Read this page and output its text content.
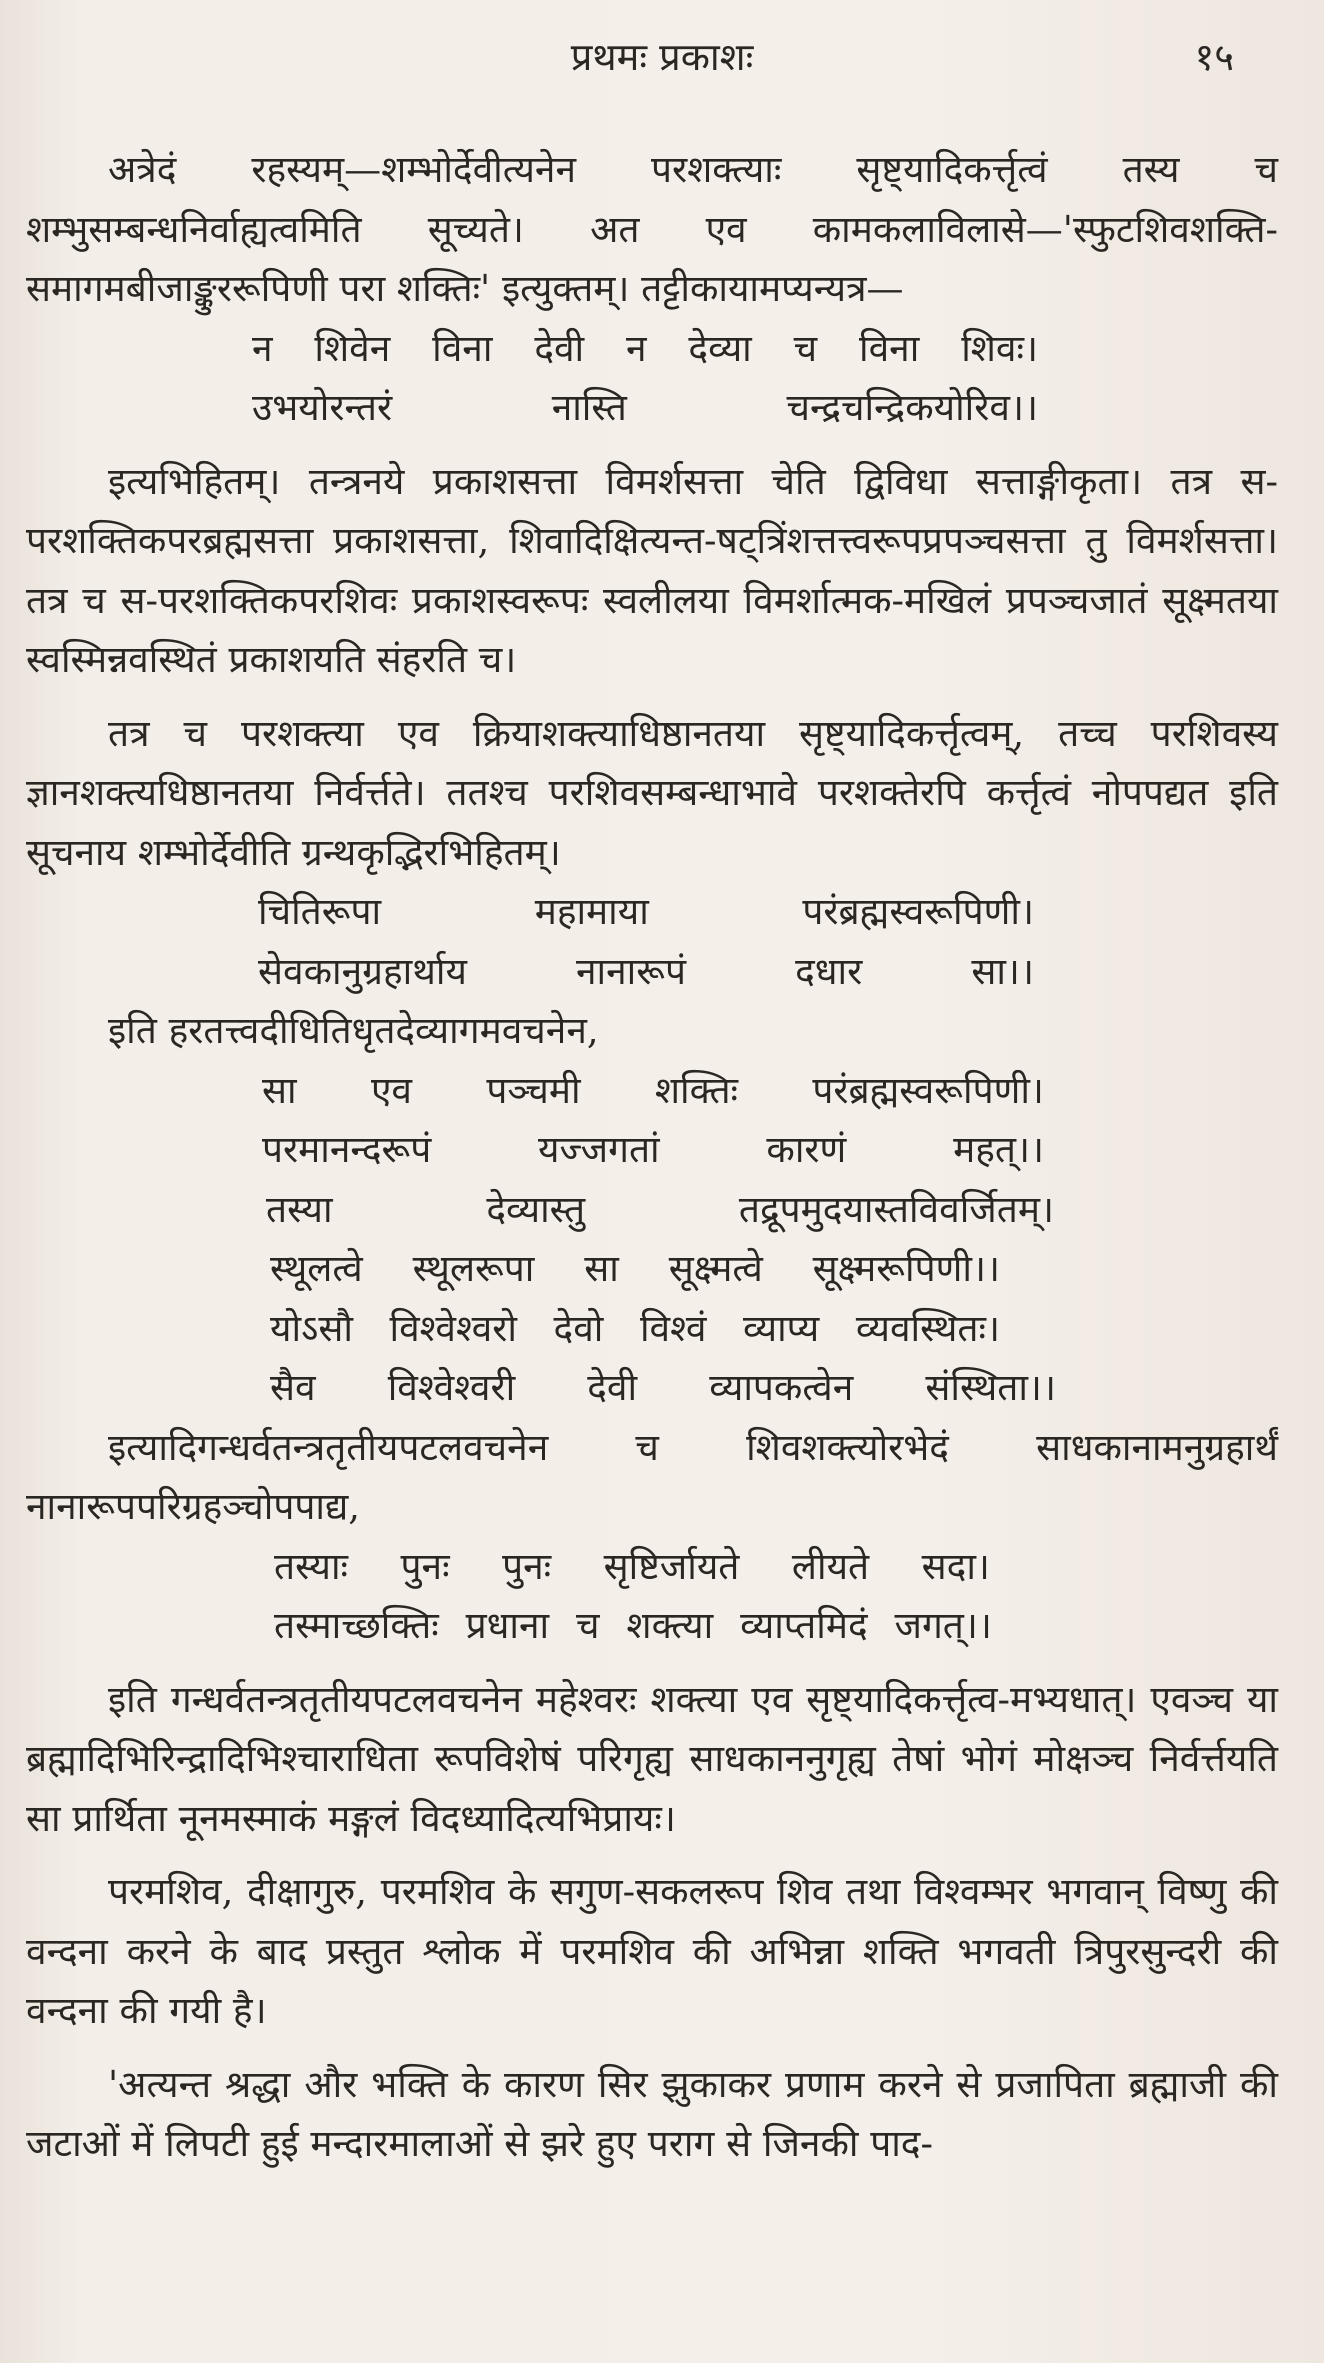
प्रथमः प्रकाशः	१५

अत्रेदं रहस्यम्—शम्भोर्देवीत्यनेन परशक्त्याः सृष्ट्यादिकर्त्तृत्वं तस्य च शम्भुसम्बन्धनिर्वाह्यत्वमिति सूच्यते। अत एव कामकलाविलासे—'स्फुटशिवशक्ति-समागमबीजाङ्कुररूपिणी परा शक्तिः' इत्युक्तम्। तट्टीकायामप्यन्यत्र—

न शिवेन विना देवी न देव्या च विना शिवः।
उभयोरन्तरं	नास्ति	चन्द्रचन्द्रिकयोरिव।।

इत्यभिहितम्। तन्त्रनये प्रकाशसत्ता विमर्शसत्ता चेति द्विविधा सत्ताङ्गीकृता। तत्र स-परशक्तिकपरब्रह्मसत्ता प्रकाशसत्ता, शिवादिक्षित्यन्त-षट्त्रिंशत्तत्त्वरूपप्रपञ्चसत्ता तु विमर्शसत्ता। तत्र च स-परशक्तिकपरशिवः प्रकाशस्वरूपः स्वलीलया विमर्शात्मक-मखिलं प्रपञ्चजातं सूक्ष्मतया स्वस्मिन्नवस्थितं प्रकाशयति संहरति च।

तत्र च परशक्त्या एव क्रियाशक्त्याधिष्ठानतया सृष्ट्यादिकर्त्तृत्वम्, तच्च परशिवस्य ज्ञानशक्त्यधिष्ठानतया निर्वर्त्तते। ततश्च परशिवसम्बन्धाभावे परशक्तेरपि कर्त्तृत्वं नोपपद्यत इति सूचनाय शम्भोर्देवीति ग्रन्थकृद्भिरभिहितम्।

चितिरूपा	महामाया	परंब्रह्मस्वरूपिणी।
सेवकानुग्रहार्थाय	नानारूपं	दधार	सा।।

इति हरतत्त्वदीधितिधृतदेव्यागमवचनेन,

सा एव पञ्चमी शक्तिः परंब्रह्मस्वरूपिणी।
परमानन्दरूपं	यज्जगतां	कारणं	महत्।।
तस्या	देव्यास्तु	तद्रूपमुदयास्तविवर्जितम्।
स्थूलत्वे स्थूलरूपा सा सूक्ष्मत्वे सूक्ष्मरूपिणी।।
योऽसौ विश्वेश्वरो देवो विश्वं व्याप्य व्यवस्थितः।
सैव विश्वेश्वरी देवी व्यापकत्वेन संस्थिता।।

इत्यादिगन्धर्वतन्त्रतृतीयपटलवचनेन च शिवशक्त्योरभेदं साधकानामनुग्रहार्थं नानारूपपरिग्रहञ्चोपपाद्य,

तस्याः पुनः पुनः सृष्टिर्जायते लीयते सदा।
तस्माच्छक्तिः प्रधाना च शक्त्या व्याप्तमिदं जगत्।।

इति गन्धर्वतन्त्रतृतीयपटलवचनेन महेश्वरः शक्त्या एव सृष्ट्यादिकर्त्तृत्व-मभ्यधात्। एवञ्च या ब्रह्मादिभिरिन्द्रादिभिश्चाराधिता रूपविशेषं परिगृह्य साधकाननुगृह्य तेषां भोगं मोक्षञ्च निर्वर्त्तयति सा प्रार्थिता नूनमस्माकं मङ्गलं विदध्यादित्यभिप्रायः।

परमशिव, दीक्षागुरु, परमशिव के सगुण-सकलरूप शिव तथा विश्वम्भर भगवान् विष्णु की वन्दना करने के बाद प्रस्तुत श्लोक में परमशिव की अभिन्ना शक्ति भगवती त्रिपुरसुन्दरी की वन्दना की गयी है।

'अत्यन्त श्रद्धा और भक्ति के कारण सिर झुकाकर प्रणाम करने से प्रजापिता ब्रह्माजी की जटाओं में लिपटी हुई मन्दारमालाओं से झरे हुए पराग से जिनकी पाद-
